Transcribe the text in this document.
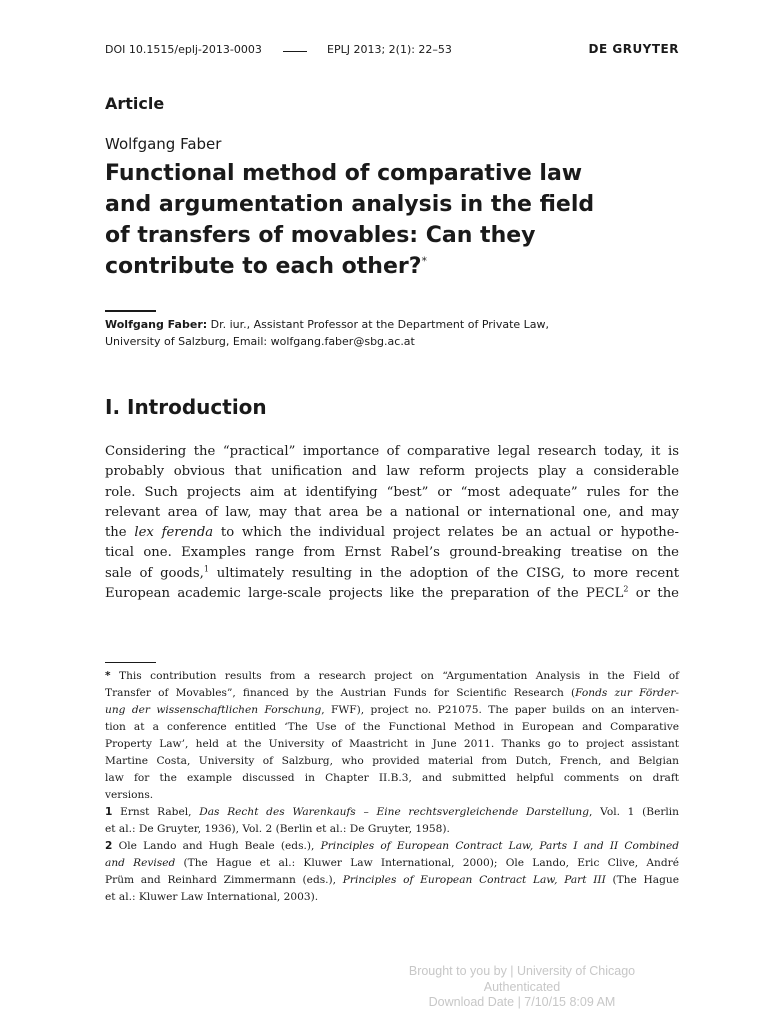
DOI 10.1515/eplj-2013-0003	EPLJ 2013; 2(1): 22–53	DE GRUYTER
Article
Wolfgang Faber
Functional method of comparative law
and argumentation analysis in the field
of transfers of movables: Can they
contribute to each other?*

Wolfgang Faber: Dr. iur., Assistant Professor at the Department of Private Law,
University of Salzburg, Email: wolfgang.faber@sbg.ac.at

I. Introduction

Considering the “practical” importance of comparative legal research today, it is
probably obvious that unification and law reform projects play a considerable
role. Such projects aim at identifying “best” or “most adequate” rules for the
relevant area of law, may that area be a national or international one, and may
the lex ferenda to which the individual project relates be an actual or hypothe-
tical one. Examples range from Ernst Rabel’s ground-breaking treatise on the
sale of goods,$^1$ ultimately resulting in the adoption of the CISG, to more recent
European academic large-scale projects like the preparation of the PECL$^2$ or the

* This contribution results from a research project on “Argumentation Analysis in the Field of
Transfer of Movables”, financed by the Austrian Funds for Scientific Research (Fonds zur Förder-
ung der wissenschaftlichen Forschung, FWF), project no. P21075. The paper builds on an interven-
tion at a conference entitled ‘The Use of the Functional Method in European and Comparative
Property Law’, held at the University of Maastricht in June 2011. Thanks go to project assistant
Martine Costa, University of Salzburg, who provided material from Dutch, French, and Belgian
law for the example discussed in Chapter II.B.3, and submitted helpful comments on draft
versions.
1 Ernst Rabel, Das Recht des Warenkaufs – Eine rechtsvergleichende Darstellung, Vol. 1 (Berlin
et al.: De Gruyter, 1936), Vol. 2 (Berlin et al.: De Gruyter, 1958).
2 Ole Lando and Hugh Beale (eds.), Principles of European Contract Law, Parts I and II Combined
and Revised (The Hague et al.: Kluwer Law International, 2000); Ole Lando, Eric Clive, André
Prüm and Reinhard Zimmermann (eds.), Principles of European Contract Law, Part III (The Hague
et al.: Kluwer Law International, 2003).
Brought to you by | University of Chicago
Authenticated
Download Date | 7/10/15 8:09 AM
